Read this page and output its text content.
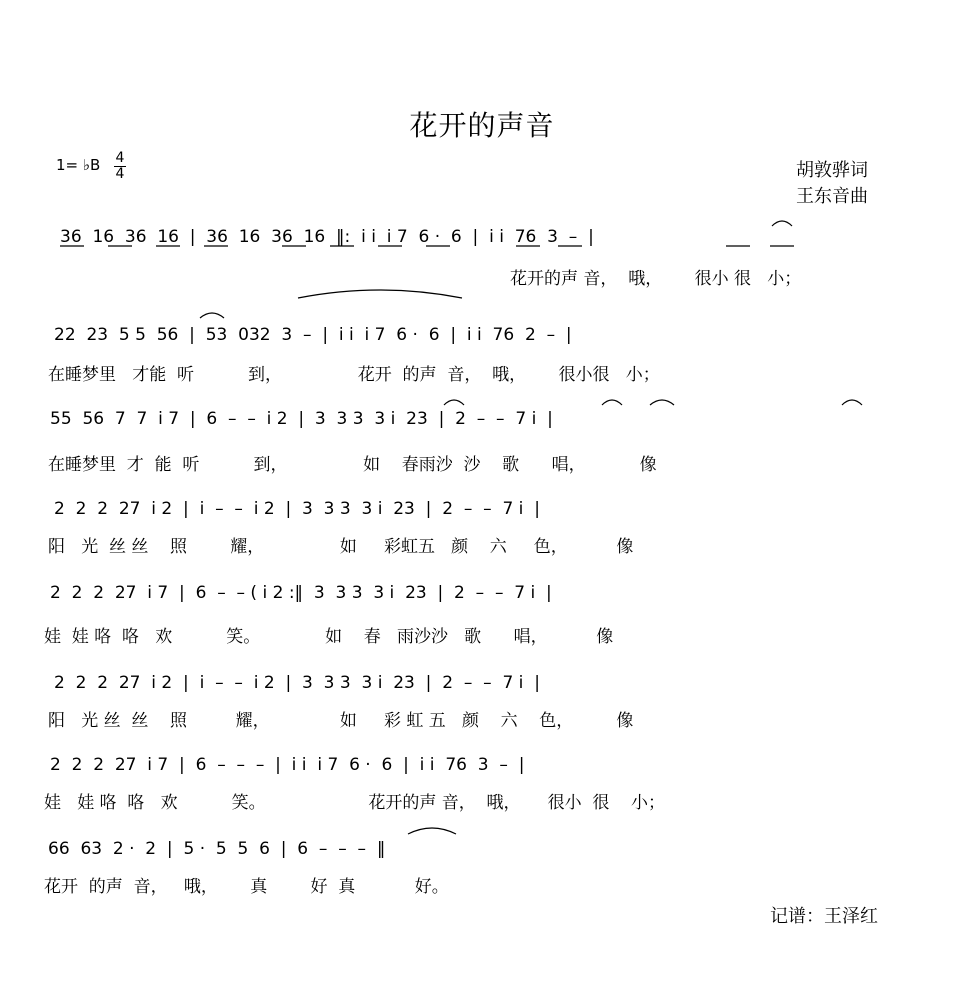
花开的声音
1= ♭B 4
4	胡敦骅词
王东音曲
记谱：王泽红
36  16  36  16  |  36  16  36  16  ‖:  i i  i 7  6 ·  6  |  i i  76  3  –  |
花开的声 音，  哦，      很小 很   小；
22  23  5 5  56  |  53  032  3  –  |  i i  i 7  6 ·  6  |  i i  76  2  –  |
在睡梦里   才能  听          到，              花开  的声  音，  哦，      很小很   小；
55  56  7  7  i 7  |  6  –  –  i 2  |  3  3 3  3 i  23  |  2  –  –  7 i  |
在睡梦里  才  能  听          到，              如    春雨沙  沙    歌      唱，          像
2  2  2  27  i 2  |  i  –  –  i 2  |  3  3 3  3 i  23  |  2  –  –  7 i  |
阳   光  丝 丝    照        耀，              如     彩虹五   颜    六     色，         像
2  2  2  27  i 7  |  6  –  – ( i 2 :‖  3  3 3  3 i  23  |  2  –  –  7 i  |
娃  娃 咯  咯   欢          笑。            如    春   雨沙沙   歌      唱，         像
2  2  2  27  i 2  |  i  –  –  i 2  |  3  3 3  3 i  23  |  2  –  –  7 i  |
阳   光 丝  丝    照         耀，             如     彩 虹 五   颜    六    色，        像
2  2  2  27  i 7  |  6  –  –  –  |  i i  i 7  6 ·  6  |  i i  76  3  –  |
娃   娃 咯  咯   欢          笑。                   花开的声 音，  哦，     很小  很    小；
66  63  2 ·  2  |  5 ·  5  5  6  |  6  –  –  –  ‖
花开  的声  音，   哦，      真        好  真           好。
